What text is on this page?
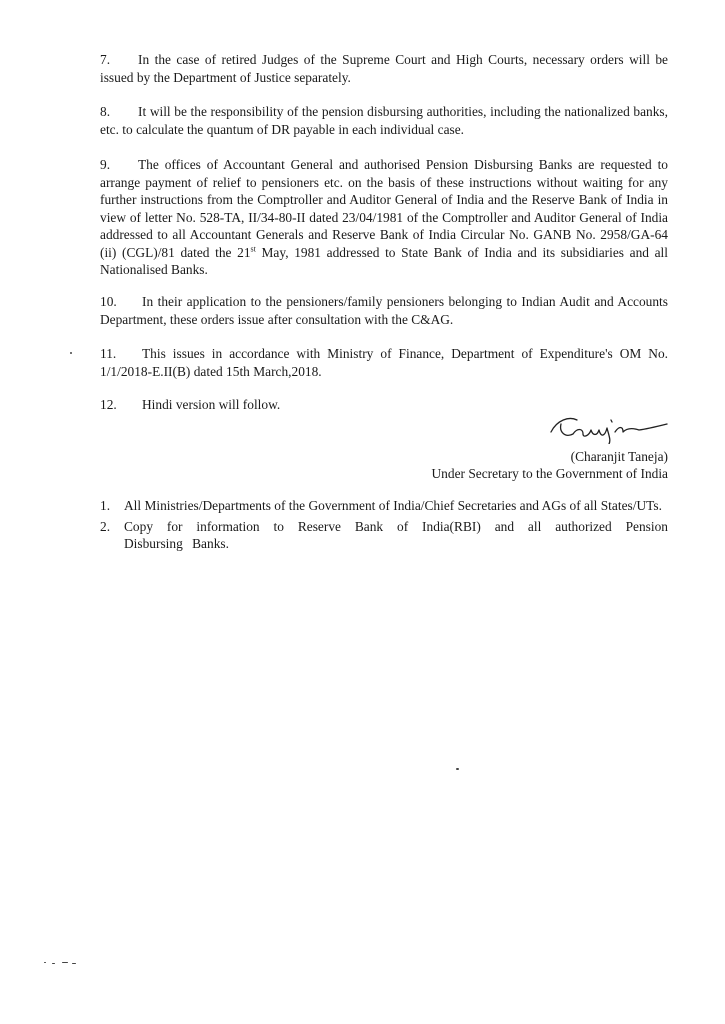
7. In the case of retired Judges of the Supreme Court and High Courts, necessary orders will be issued by the Department of Justice separately.

8. It will be the responsibility of the pension disbursing authorities, including the nationalized banks, etc. to calculate the quantum of DR payable in each individual case.

9. The offices of Accountant General and authorised Pension Disbursing Banks are requested to arrange payment of relief to pensioners etc. on the basis of these instructions without waiting for any further instructions from the Comptroller and Auditor General of India and the Reserve Bank of India in view of letter No. 528-TA, II/34-80-II dated 23/04/1981 of the Comptroller and Auditor General of India addressed to all Accountant Generals and Reserve Bank of India Circular No. GANB No. 2958/GA-64 (ii) (CGL)/81 dated the 21st May, 1981 addressed to State Bank of India and its subsidiaries and all Nationalised Banks.

10. In their application to the pensioners/family pensioners belonging to Indian Audit and Accounts Department, these orders issue after consultation with the C&AG.

11. This issues in accordance with Ministry of Finance, Department of Expenditure's OM No. 1/1/2018-E.II(B) dated 15th March,2018.

12. Hindi version will follow.

(Charanjit Taneja)
Under Secretary to the Government of India
1.	All Ministries/Departments of the Government of India/Chief Secretaries and AGs of all States/UTs.
2.	Copy for information to Reserve Bank of India(RBI) and all authorized Pension Disbursing Banks.
